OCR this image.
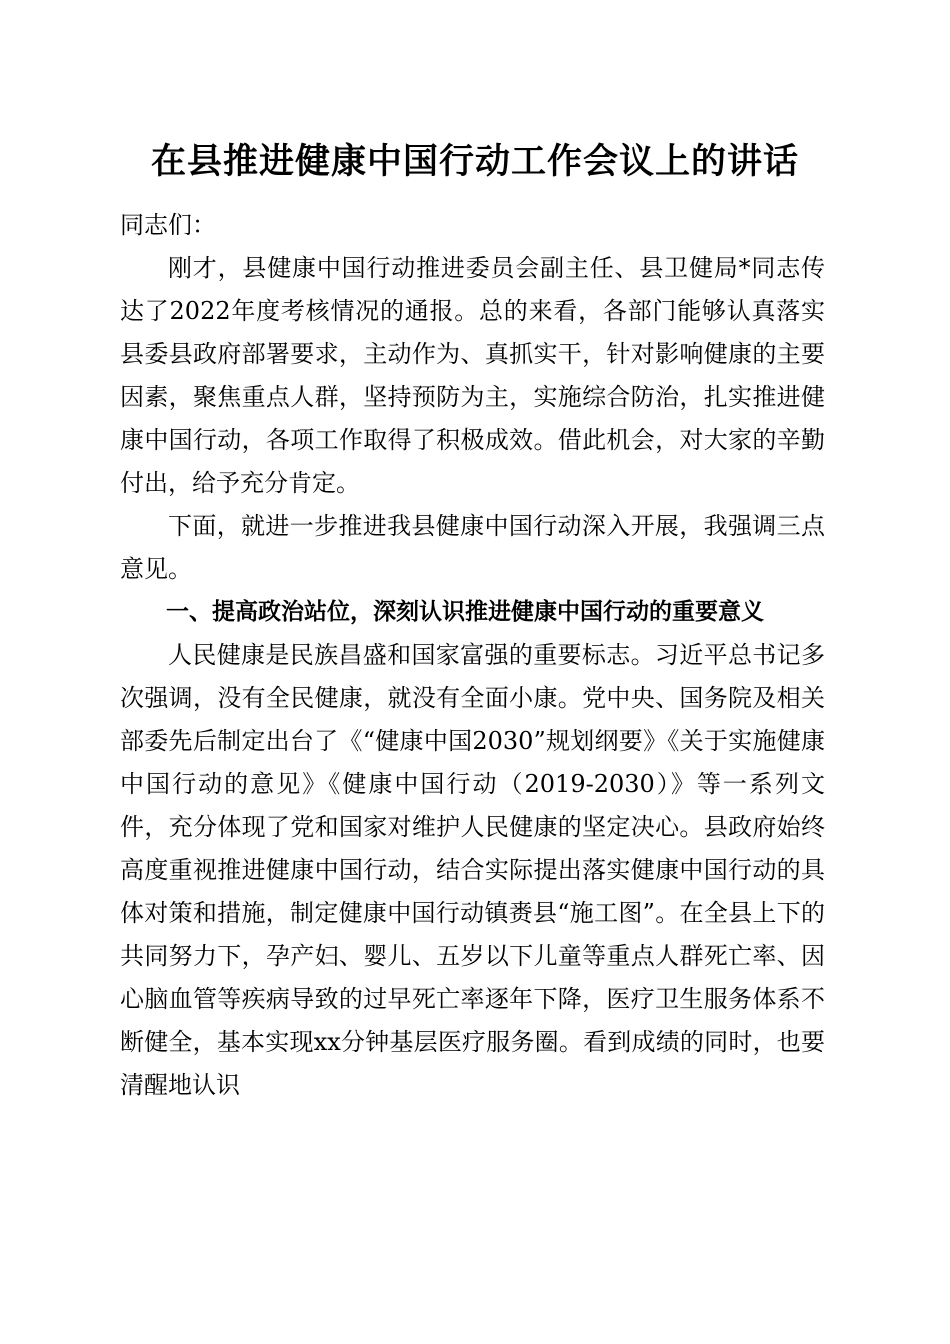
在县推进健康中国行动工作会议上的讲话

同志们：

刚才，县健康中国行动推进委员会副主任、县卫健局*同志传达了2022年度考核情况的通报。总的来看，各部门能够认真落实县委县政府部署要求，主动作为、真抓实干，针对影响健康的主要因素，聚焦重点人群，坚持预防为主，实施综合防治，扎实推进健康中国行动，各项工作取得了积极成效。借此机会，对大家的辛勤付出，给予充分肯定。

下面，就进一步推进我县健康中国行动深入开展，我强调三点意见。

一、提高政治站位，深刻认识推进健康中国行动的重要意义

人民健康是民族昌盛和国家富强的重要标志。习近平总书记多次强调，没有全民健康，就没有全面小康。党中央、国务院及相关部委先后制定出台了《“健康中国2030”规划纲要》《关于实施健康中国行动的意见》《健康中国行动（2019-2030）》等一系列文件，充分体现了党和国家对维护人民健康的坚定决心。县政府始终高度重视推进健康中国行动，结合实际提出落实健康中国行动的具体对策和措施，制定健康中国行动镇赉县“施工图”。在全县上下的共同努力下，孕产妇、婴儿、五岁以下儿童等重点人群死亡率、因心脑血管等疾病导致的过早死亡率逐年下降，医疗卫生服务体系不断健全，基本实现xx分钟基层医疗服务圈。看到成绩的同时，也要清醒地认识
